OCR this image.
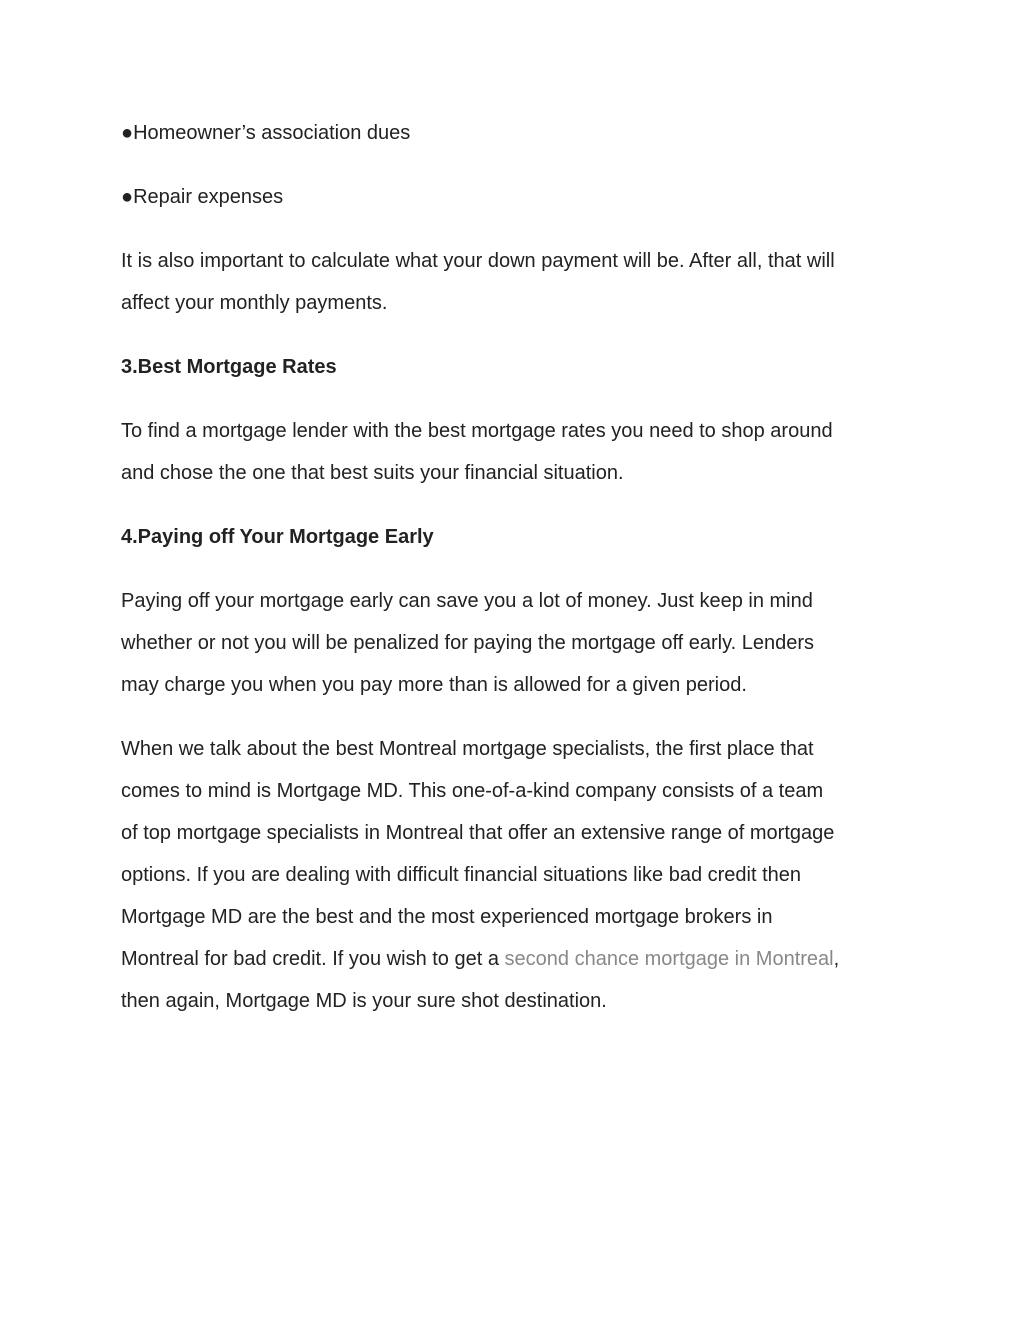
●Homeowner’s association dues

●Repair expenses

It is also important to calculate what your down payment will be. After all, that will

affect your monthly payments.

3.Best Mortgage Rates

To find a mortgage lender with the best mortgage rates you need to shop around

and chose the one that best suits your financial situation.

4.Paying off Your Mortgage Early

Paying off your mortgage early can save you a lot of money. Just keep in mind

whether or not you will be penalized for paying the mortgage off early. Lenders

may charge you when you pay more than is allowed for a given period.

When we talk about the best Montreal mortgage specialists, the first place that

comes to mind is Mortgage MD. This one-of-a-kind company consists of a team

of top mortgage specialists in Montreal that offer an extensive range of mortgage

options. If you are dealing with difficult financial situations like bad credit then

Mortgage MD are the best and the most experienced mortgage brokers in

Montreal for bad credit. If you wish to get a second chance mortgage in Montreal,

then again, Mortgage MD is your sure shot destination.
